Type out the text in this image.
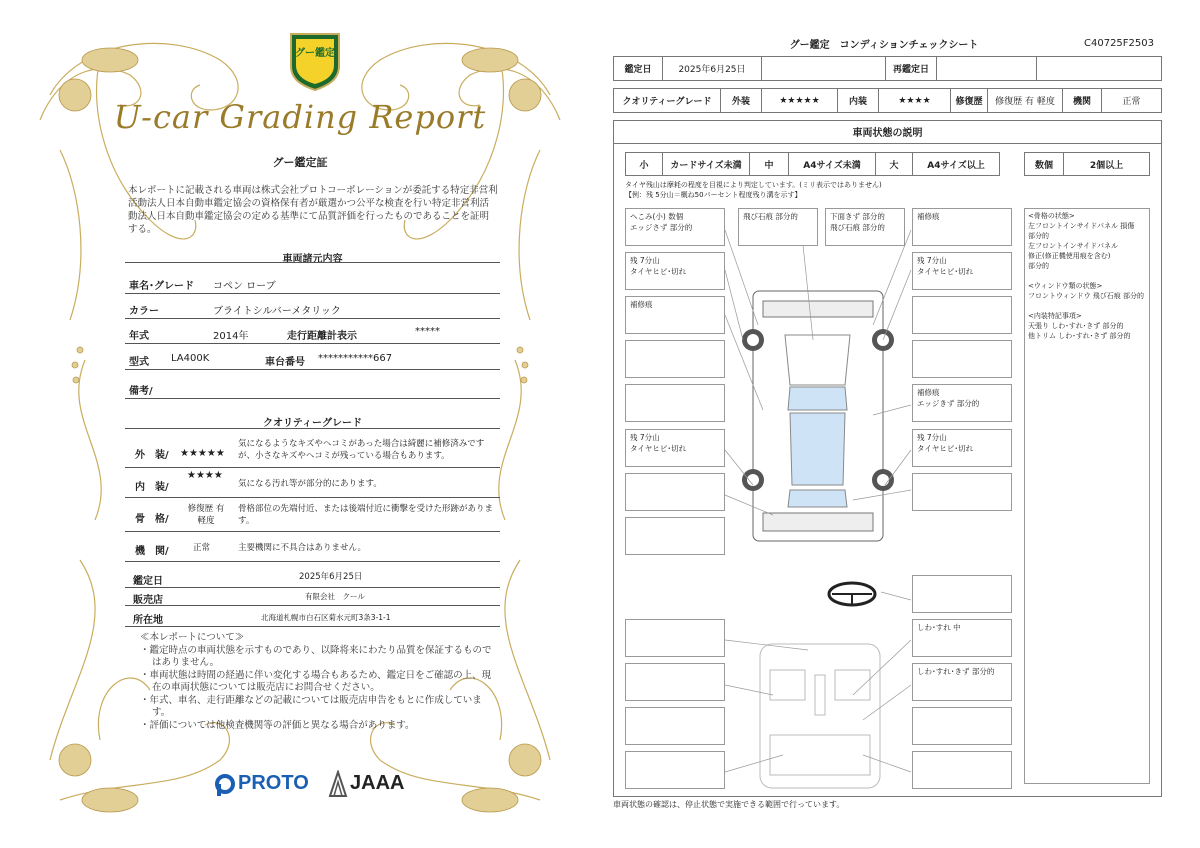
グー鑑定
U-car Grading Report
グー鑑定証
本レポートに記載される車両は株式会社プロトコーポレーションが委託する特定非営利活動法人日本自動車鑑定協会の資格保有者が厳選かつ公平な検査を行い特定非営利活動法人日本自動車鑑定協会の定める基準にて品質評価を行ったものであることを証明する。
車両諸元内容
車名･グレード コペン ローブ
カラー	ブライトシルバーメタリック
年式	2014年	走行距離計表示	*****
型式 LA400K	車台番号 ***********667
備考/
クオリティーグレード
外　装/ ★★★★★
気になるようなキズやヘコミがあった場合は綺麗に補修済みですが、小さなキズやヘコミが残っている場合もあります。
内　装/
★★★★
気になる汚れ等が部分的にあります。
骨　格/
修復歴 有
軽度
骨格部位の先端付近、または後端付近に衝撃を受けた形跡があります。
機　関/	正常	主要機関に不具合はありません。
鑑定日	2025年6月25日
販売店	有限会社　クール
所在地	北海道札幌市白石区菊水元町3条3-1-1
≪本レポートについて≫
・鑑定時点の車両状態を示すものであり、以降将来にわたり品質を保証するものではありません。
・車両状態は時間の経過に伴い変化する場合もあるため、鑑定日をご確認の上、現在の車両状態については販売店にお問合せください。
・年式、車名、走行距離などの記載については販売店申告をもとに作成しています。
・評価については他検査機関等の評価と異なる場合があります。
PROTO JAAA
グー鑑定　コンディションチェックシート	C40725F2503
鑑定日	2025年6月25日	再鑑定日
クオリティーグレード	外装	★★★★★	内装	★★★★	修復歴	修復歴 有 軽度	機関	正常
車両状態の説明
小	カードサイズ未満	中	A4サイズ未満	大	A4サイズ以上	数個	2個以上
タイヤ残山は摩耗の程度を目視により判定しています。(ミリ表示ではありません)
【例：残 5分山＝概ね50パーセント程度残り溝を示す】
へこみ(小) 数個
エッジさず 部分的
飛び石痕 部分的	下面きず 部分的
飛び石痕 部分的
補修痕
残 7分山
タイヤヒビ･切れ
残 7分山
タイヤヒビ･切れ
補修痕
補修痕
エッジきず 部分的
残 7分山
タイヤヒビ･切れ
残 7分山
タイヤヒビ･切れ
しわ･すれ 中
しわ･すれ･きず 部分的
<骨格の状態>
左フロントインサイドパネル 損傷
部分的
左フロントインサイドパネル
修正(修正機使用痕を含む)
部分的

<ウィンドウ類の状態>
フロントウィンドウ 飛び石痕 部分的

<内装特記事項>
天張り しわ･すれ･きず 部分的
他トリム しわ･すれ･きず 部分的
車両状態の確認は、停止状態で実施できる範囲で行っています。
